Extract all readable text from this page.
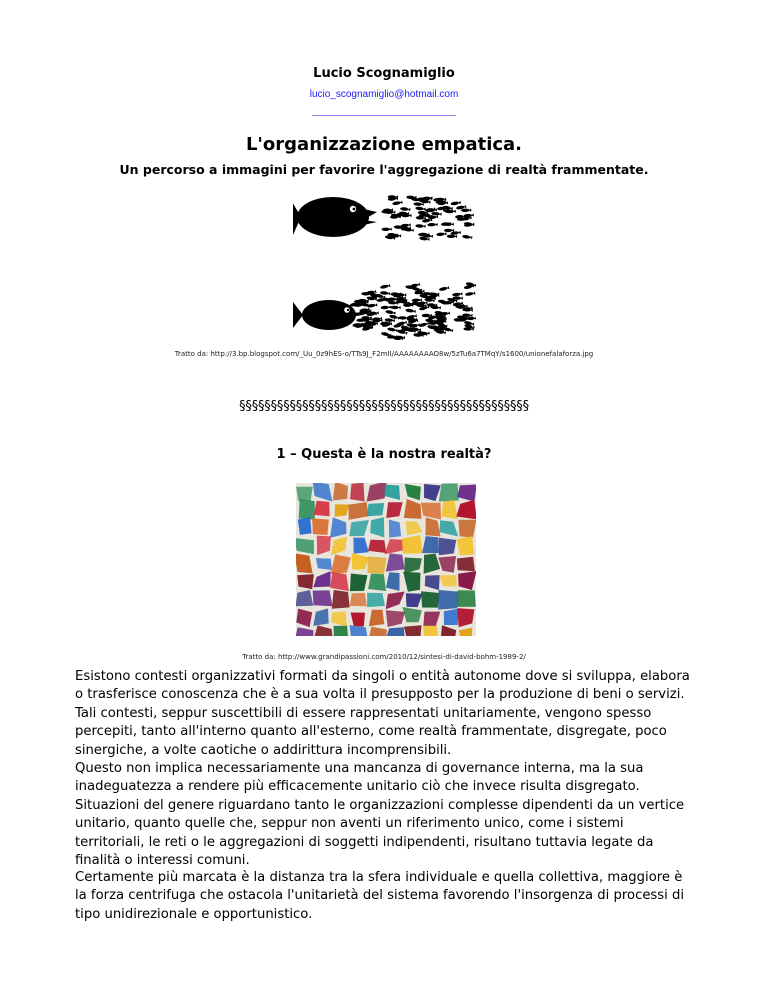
Lucio Scognamiglio
lucio_scognamiglio@hotmail.com
L'organizzazione empatica.
Un percorso a immagini per favorire l'aggregazione di realtà frammentate.
Tratto da: http://3.bp.blogspot.com/_Uu_0z9hES-o/TTs9J_F2mII/AAAAAAAAO8w/5zTu6a7TMqY/s1600/unionefalaforza.jpg
§§§§§§§§§§§§§§§§§§§§§§§§§§§§§§§§§§§§§§§§§§§§§§
1 – Questa è la nostra realtà?
Tratto da: http://www.grandipassioni.com/2010/12/sintesi-di-david-bohm-1989-2/
Esistono contesti organizzativi formati da singoli o entità autonome dove si sviluppa, elabora o trasferisce conoscenza che è a sua volta il presupposto per la produzione di beni o servizi. Tali contesti, seppur suscettibili di essere rappresentati unitariamente, vengono spesso percepiti, tanto all'interno quanto all'esterno, come realtà frammentate, disgregate, poco sinergiche, a volte caotiche o addirittura incomprensibili.
Questo non implica necessariamente una mancanza di governance interna, ma la sua inadeguatezza a rendere più efficacemente unitario ciò che invece risulta disgregato. Situazioni del genere riguardano tanto le organizzazioni complesse dipendenti da un vertice unitario, quanto quelle che, seppur non aventi un riferimento unico, come i sistemi territoriali, le reti o le aggregazioni di soggetti indipendenti, risultano tuttavia legate da finalità o interessi comuni.
Certamente più marcata è la distanza tra la sfera individuale e quella collettiva, maggiore è la forza centrifuga che ostacola l'unitarietà del sistema favorendo l'insorgenza di processi di tipo unidirezionale e opportunistico.
